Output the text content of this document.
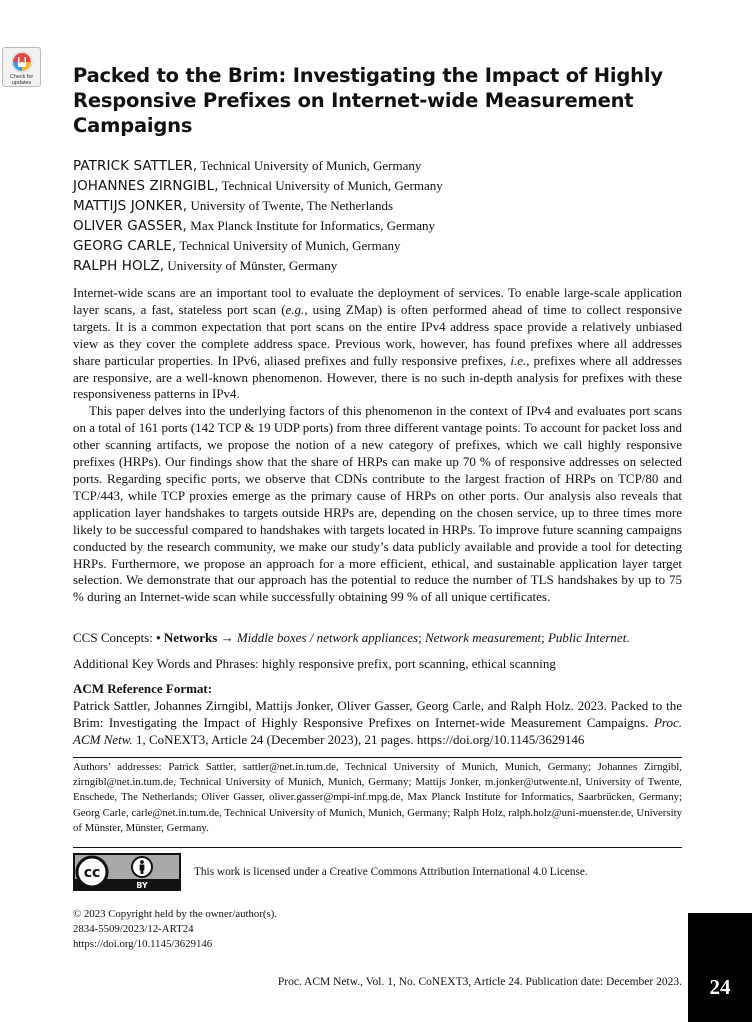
Check for updates	Packed to the Brim: Investigating the Impact of Highly Responsive Prefixes on Internet-wide Measurement Campaigns
PATRICK SATTLER, Technical University of Munich, Germany
JOHANNES ZIRNGIBL, Technical University of Munich, Germany
MATTIJS JONKER, University of Twente, The Netherlands
OLIVER GASSER, Max Planck Institute for Informatics, Germany
GEORG CARLE, Technical University of Munich, Germany
RALPH HOLZ, University of Münster, Germany

Internet-wide scans are an important tool to evaluate the deployment of services. To enable large-scale application layer scans, a fast, stateless port scan (e.g., using ZMap) is often performed ahead of time to collect responsive targets. It is a common expectation that port scans on the entire IPv4 address space provide a relatively unbiased view as they cover the complete address space. Previous work, however, has found prefixes where all addresses share particular properties. In IPv6, aliased prefixes and fully responsive prefixes, i.e., prefixes where all addresses are responsive, are a well-known phenomenon. However, there is no such in-depth analysis for prefixes with these responsiveness patterns in IPv4.

This paper delves into the underlying factors of this phenomenon in the context of IPv4 and evaluates port scans on a total of 161 ports (142 TCP & 19 UDP ports) from three different vantage points. To account for packet loss and other scanning artifacts, we propose the notion of a new category of prefixes, which we call highly responsive prefixes (HRPs). Our findings show that the share of HRPs can make up 70 % of responsive addresses on selected ports. Regarding specific ports, we observe that CDNs contribute to the largest fraction of HRPs on TCP/80 and TCP/443, while TCP proxies emerge as the primary cause of HRPs on other ports. Our analysis also reveals that application layer handshakes to targets outside HRPs are, depending on the chosen service, up to three times more likely to be successful compared to handshakes with targets located in HRPs. To improve future scanning campaigns conducted by the research community, we make our study’s data publicly available and provide a tool for detecting HRPs. Furthermore, we propose an approach for a more efficient, ethical, and sustainable application layer target selection. We demonstrate that our approach has the potential to reduce the number of TLS handshakes by up to 75 % during an Internet-wide scan while successfully obtaining 99 % of all unique certificates.

CCS Concepts: • Networks → Middle boxes / network appliances; Network measurement; Public Internet.
Additional Key Words and Phrases: highly responsive prefix, port scanning, ethical scanning
ACM Reference Format:
Patrick Sattler, Johannes Zirngibl, Mattijs Jonker, Oliver Gasser, Georg Carle, and Ralph Holz. 2023. Packed to the Brim: Investigating the Impact of Highly Responsive Prefixes on Internet-wide Measurement Campaigns. Proc. ACM Netw. 1, CoNEXT3, Article 24 (December 2023), 21 pages. https://doi.org/10.1145/3629146
Authors’ addresses: Patrick Sattler, sattler@net.in.tum.de, Technical University of Munich, Munich, Germany; Johannes Zirngibl, zirngibl@net.in.tum.de, Technical University of Munich, Munich, Germany; Mattijs Jonker, m.jonker@utwente.nl, University of Twente, Enschede, The Netherlands; Oliver Gasser, oliver.gasser@mpi-inf.mpg.de, Max Planck Institute for Informatics, Saarbrücken, Germany; Georg Carle, carle@net.in.tum.de, Technical University of Munich, Munich, Germany; Ralph Holz, ralph.holz@uni-muenster.de, University of Münster, Münster, Germany.
cc
BY
This work is licensed under a Creative Commons Attribution International 4.0 License.
© 2023 Copyright held by the owner/author(s).
2834-5509/2023/12-ART24
https://doi.org/10.1145/3629146
Proc. ACM Netw., Vol. 1, No. CoNEXT3, Article 24. Publication date: December 2023.	24
